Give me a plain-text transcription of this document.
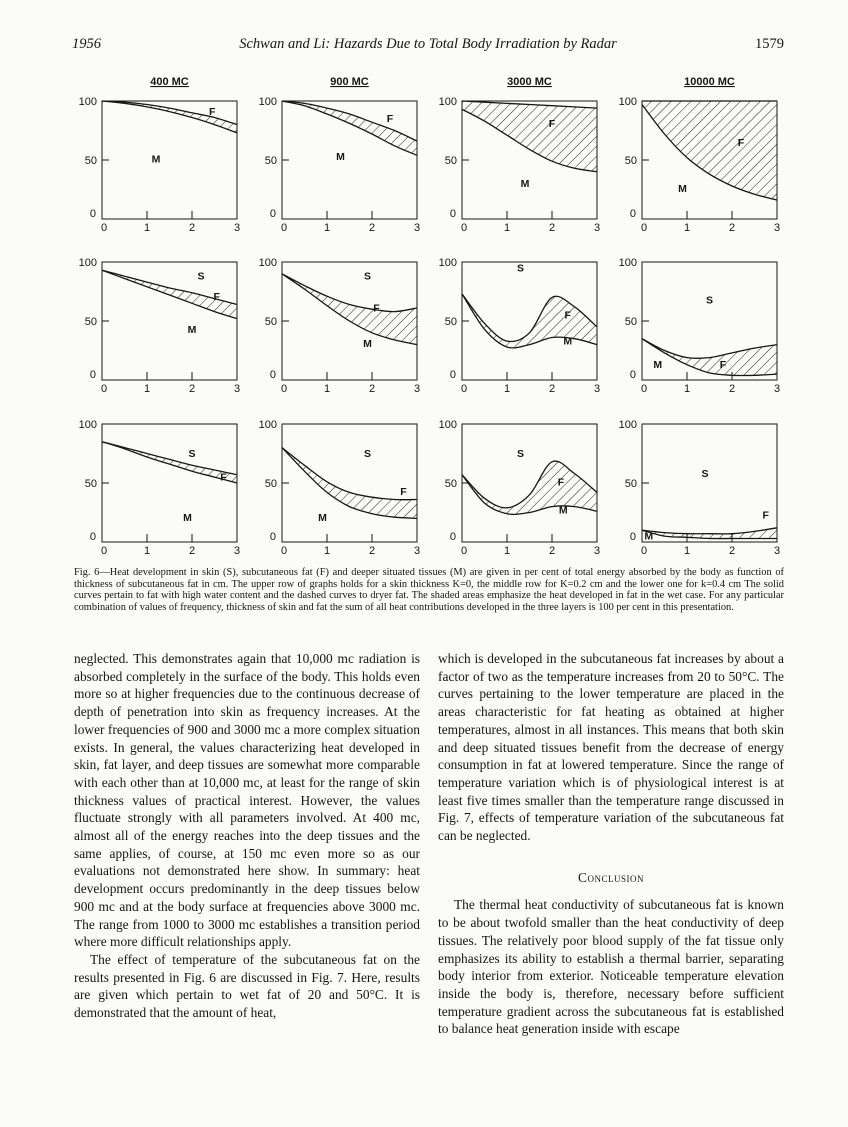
1956	Schwan and Li: Hazards Due to Total Body Irradiation by Radar	1579
400 MC	900 MC	3000 MC	10000 MC
100
50
0
0	1	2	3
F
M
100
50
0
0	1	2	3
F
M
100
50
0
0	1	2	3
F
M
100
50
0
0	1	2	3
F
M
100
50
0
0	1	2	3
S
F
M
100
50
0
0	1	2	3
S
F
M
100
50
0
0	1	2	3
S
F
M
100
50
0
0	1	2	3
S
F
M
100
50
0
0	1	2	3
S
F
M
100
50
0
0	1	2	3
S
F
M
100
50
0
0	1	2	3
S
F
M
100
50
0
0	1	2	3
S
F
M
Fig. 6—Heat development in skin (S), subcutaneous fat (F) and deeper situated tissues (M) are given in per cent of total energy absorbed by the body as function of thickness of subcutaneous fat in cm. The upper row of graphs holds for a skin thickness K=0, the middle row for K=0.2 cm and the lower one for k=0.4 cm The solid curves pertain to fat with high water content and the dashed curves to dryer fat. The shaded areas emphasize the heat developed in fat in the wet case. For any particular combination of values of frequency, thickness of skin and fat the sum of all heat contributions developed in the three layers is 100 per cent in this presentation.

neglected. This demonstrates again that 10,000 mc radiation is absorbed completely in the surface of the body. This holds even more so at higher frequencies due to the continuous decrease of depth of penetration into skin as frequency increases. At the lower frequencies of 900 and 3000 mc a more complex situation exists. In general, the values characterizing heat developed in skin, fat layer, and deep tissues are somewhat more comparable with each other than at 10,000 mc, at least for the range of skin thickness values of practical interest. However, the values fluctuate strongly with all parameters involved. At 400 mc, almost all of the energy reaches into the deep tissues and the same applies, of course, at 150 mc even more so as our evaluations not demonstrated here show. In summary: heat development occurs predominantly in the deep tissues below 900 mc and at the body surface at frequencies above 3000 mc. The range from 1000 to 3000 mc establishes a transition period where more difficult relationships apply.

The effect of temperature of the subcutaneous fat on the results presented in Fig. 6 are discussed in Fig. 7. Here, results are given which pertain to wet fat of 20 and 50°C. It is demonstrated that the amount of heat,

which is developed in the subcutaneous fat increases by about a factor of two as the temperature increases from 20 to 50°C. The curves pertaining to the lower temperature are placed in the areas characteristic for fat heating as obtained at higher temperatures, almost in all instances. This means that both skin and deep situated tissues benefit from the decrease of energy consumption in fat at lowered temperature. Since the range of temperature variation which is of physiological interest is at least five times smaller than the temperature range discussed in Fig. 7, effects of temperature variation of the subcutaneous fat can be neglected.

Conclusion

The thermal heat conductivity of subcutaneous fat is known to be about twofold smaller than the heat conductivity of deep tissues. The relatively poor blood supply of the fat tissue only emphasizes its ability to establish a thermal barrier, separating body interior from exterior. Noticeable temperature elevation inside the body is, therefore, necessary before sufficient temperature gradient across the subcutaneous fat is established to balance heat generation inside with escape
